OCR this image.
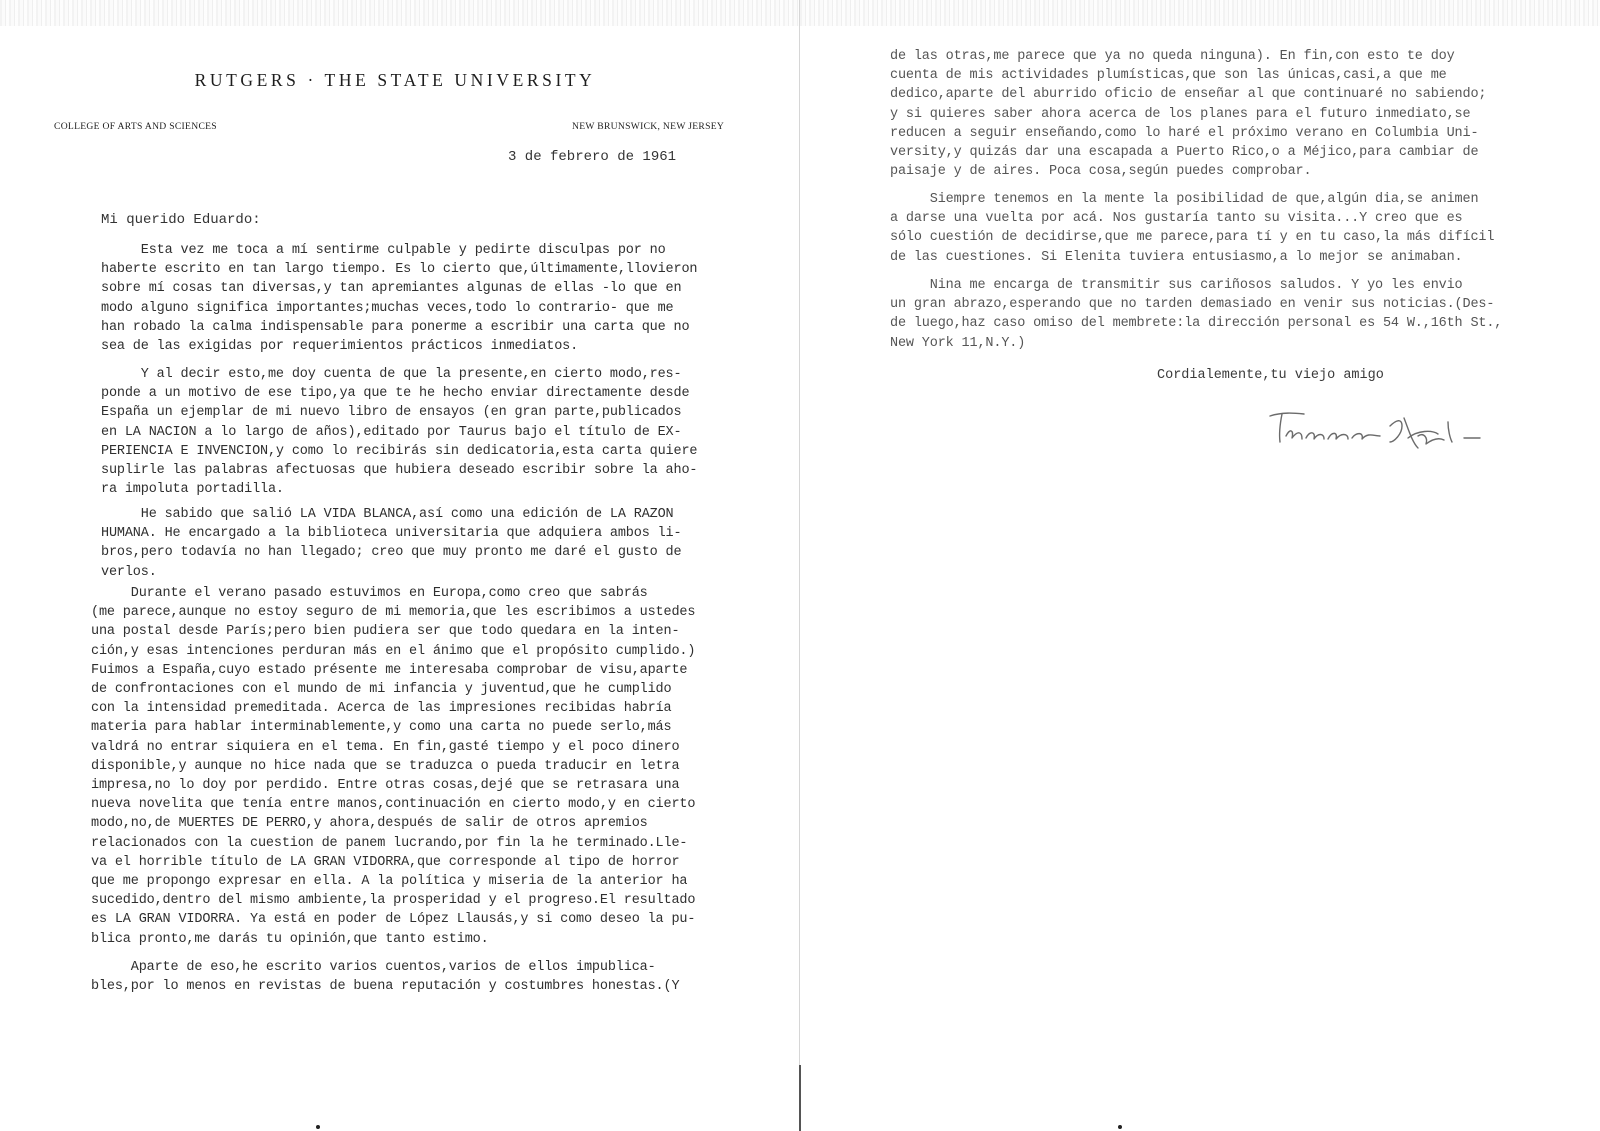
RUTGERS · THE STATE UNIVERSITY
COLLEGE OF ARTS AND SCIENCES	NEW BRUNSWICK, NEW JERSEY
3 de febrero de 1961
Mi querido Eduardo:

Esta vez me toca a mí sentirme culpable y pedirte disculpas por no
haberte escrito en tan largo tiempo. Es lo cierto que,últimamente,llovieron
sobre mí cosas tan diversas,y tan apremiantes algunas de ellas -lo que en
modo alguno significa importantes;muchas veces,todo lo contrario- que me
han robado la calma indispensable para ponerme a escribir una carta que no
sea de las exigidas por requerimientos prácticos inmediatos.

Y al decir esto,me doy cuenta de que la presente,en cierto modo,res-
ponde a un motivo de ese tipo,ya que te he hecho enviar directamente desde
España un ejemplar de mi nuevo libro de ensayos (en gran parte,publicados
en LA NACION a lo largo de años),editado por Taurus bajo el título de EX-
PERIENCIA E INVENCION,y como lo recibirás sin dedicatoria,esta carta quiere
suplirle las palabras afectuosas que hubiera deseado escribir sobre la aho-
ra impoluta portadilla.

He sabido que salió LA VIDA BLANCA,así como una edición de LA RAZON
HUMANA. He encargado a la biblioteca universitaria que adquiera ambos li-
bros,pero todavía no han llegado; creo que muy pronto me daré el gusto de
verlos.

Durante el verano pasado estuvimos en Europa,como creo que sabrás
(me parece,aunque no estoy seguro de mi memoria,que les escribimos a ustedes
una postal desde París;pero bien pudiera ser que todo quedara en la inten-
ción,y esas intenciones perduran más en el ánimo que el propósito cumplido.)
Fuimos a España,cuyo estado présente me interesaba comprobar de visu,aparte
de confrontaciones con el mundo de mi infancia y juventud,que he cumplido
con la intensidad premeditada. Acerca de las impresiones recibidas habría
materia para hablar interminablemente,y como una carta no puede serlo,más
valdrá no entrar siquiera en el tema. En fin,gasté tiempo y el poco dinero
disponible,y aunque no hice nada que se traduzca o pueda traducir en letra
impresa,no lo doy por perdido. Entre otras cosas,dejé que se retrasara una
nueva novelita que tenía entre manos,continuación en cierto modo,y en cierto
modo,no,de MUERTES DE PERRO,y ahora,después de salir de otros apremios
relacionados con la cuestion de panem lucrando,por fin la he terminado.Lle-
va el horrible título de LA GRAN VIDORRA,que corresponde al tipo de horror
que me propongo expresar en ella. A la política y miseria de la anterior ha
sucedido,dentro del mismo ambiente,la prosperidad y el progreso.El resultado
es LA GRAN VIDORRA. Ya está en poder de López Llausás,y si como deseo la pu-
blica pronto,me darás tu opinión,que tanto estimo.

Aparte de eso,he escrito varios cuentos,varios de ellos impublica-
bles,por lo menos en revistas de buena reputación y costumbres honestas.(Y

de las otras,me parece que ya no queda ninguna). En fin,con esto te doy
cuenta de mis actividades plumísticas,que son las únicas,casi,a que me
dedico,aparte del aburrido oficio de enseñar al que continuaré no sabiendo;
y si quieres saber ahora acerca de los planes para el futuro inmediato,se
reducen a seguir enseñando,como lo haré el próximo verano en Columbia Uni-
versity,y quizás dar una escapada a Puerto Rico,o a Méjico,para cambiar de
paisaje y de aires. Poca cosa,según puedes comprobar.

Siempre tenemos en la mente la posibilidad de que,algún dia,se animen
a darse una vuelta por acá. Nos gustaría tanto su visita...Y creo que es
sólo cuestión de decidirse,que me parece,para tí y en tu caso,la más difícil
de las cuestiones. Si Elenita tuviera entusiasmo,a lo mejor se animaban.

Nina me encarga de transmitir sus cariñosos saludos. Y yo les envio
un gran abrazo,esperando que no tarden demasiado en venir sus noticias.(Des-
de luego,haz caso omiso del membrete:la dirección personal es 54 W.,16th St.,
New York 11,N.Y.)

Cordialemente,tu viejo amigo
